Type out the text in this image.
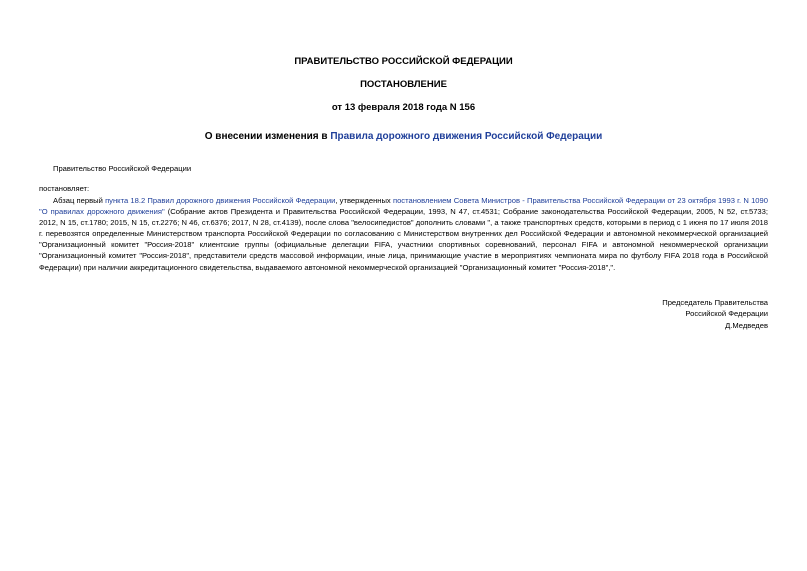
ПРАВИТЕЛЬСТВО РОССИЙСКОЙ ФЕДЕРАЦИИ
ПОСТАНОВЛЕНИЕ
от 13 февраля 2018 года N 156
О внесении изменения в Правила дорожного движения Российской Федерации
Правительство Российской Федерации
постановляет:
Абзац первый пункта 18.2 Правил дорожного движения Российской Федерации, утвержденных постановлением Совета Министров - Правительства Российской Федерации от 23 октября 1993 г. N 1090 "О правилах дорожного движения" (Собрание актов Президента и Правительства Российской Федерации, 1993, N 47, ст.4531; Собрание законодательства Российской Федерации, 2005, N 52, ст.5733; 2012, N 15, ст.1780; 2015, N 15, ст.2276; N 46, ст.6376; 2017, N 28, ст.4139), после слова "велосипедистов" дополнить словами ", а также транспортных средств, которыми в период с 1 июня по 17 июля 2018 г. перевозятся определенные Министерством транспорта Российской Федерации по согласованию с Министерством внутренних дел Российской Федерации и автономной некоммерческой организацией "Организационный комитет "Россия-2018" клиентские группы (официальные делегации FIFA, участники спортивных соревнований, персонал FIFA и автономной некоммерческой организации "Организационный комитет "Россия-2018", представители средств массовой информации, иные лица, принимающие участие в мероприятиях чемпионата мира по футболу FIFA 2018 года в Российской Федерации) при наличии аккредитационного свидетельства, выдаваемого автономной некоммерческой организацией "Организационный комитет "Россия-2018",".
Председатель Правительства
Российской Федерации
Д.Медведев
